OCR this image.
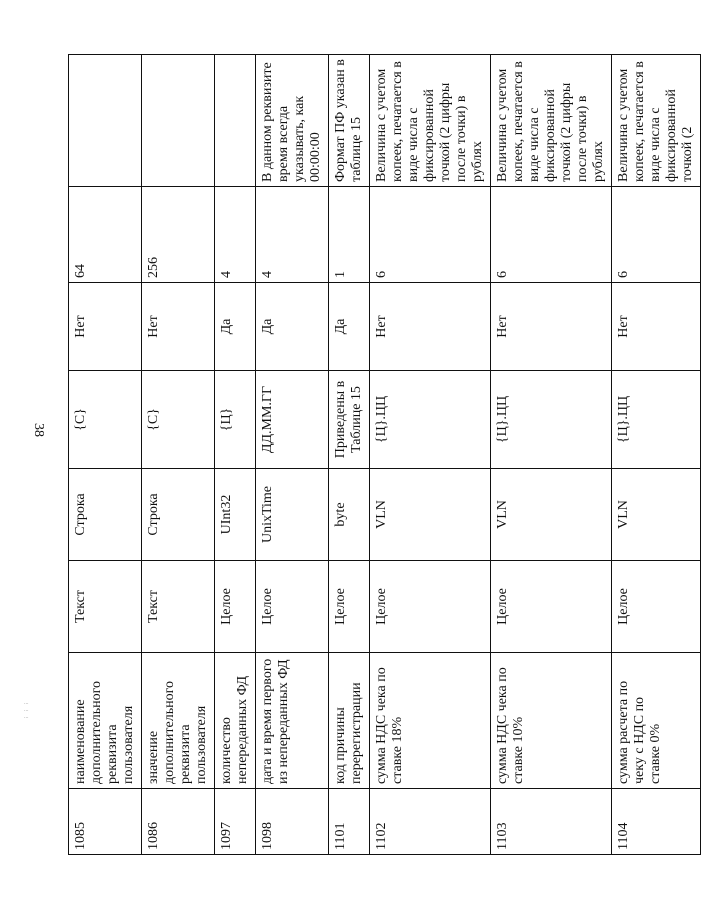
38
...
...
...
1085	наименование дополнительного реквизита пользователя	Текст	Строка	{С}	Нет	64	
1086	значение дополнительного реквизита пользователя	Текст	Строка	{С}	Нет	256	
1097	количество непереданных ФД	Целое	UInt32	{Ц}	Да	4	
1098	дата и время первого из непереданных ФД	Целое	UnixTime	ДД.ММ.ГГ	Да	4	В данном реквизите время всегда указывать, как 00:00:00
1101	код причины перерегистрации	Целое	byte	Приведены в Таблице 15	Да	1	Формат ПФ указан в таблице 15
1102	сумма НДС чека по ставке 18%	Целое	VLN	{Ц}.ЦЦ	Нет	6	Величина с учетом копеек, печатается в виде числа с фиксированной точкой (2 цифры после точки) в рублях
1103	сумма НДС чека по ставке 10%	Целое	VLN	{Ц}.ЦЦ	Нет	6	Величина с учетом копеек, печатается в виде числа с фиксированной точкой (2 цифры после точки) в рублях
1104	сумма расчета по чеку с НДС по ставке 0%	Целое	VLN	{Ц}.ЦЦ	Нет	6	Величина с учетом копеек, печатается в виде числа с фиксированной точкой (2
